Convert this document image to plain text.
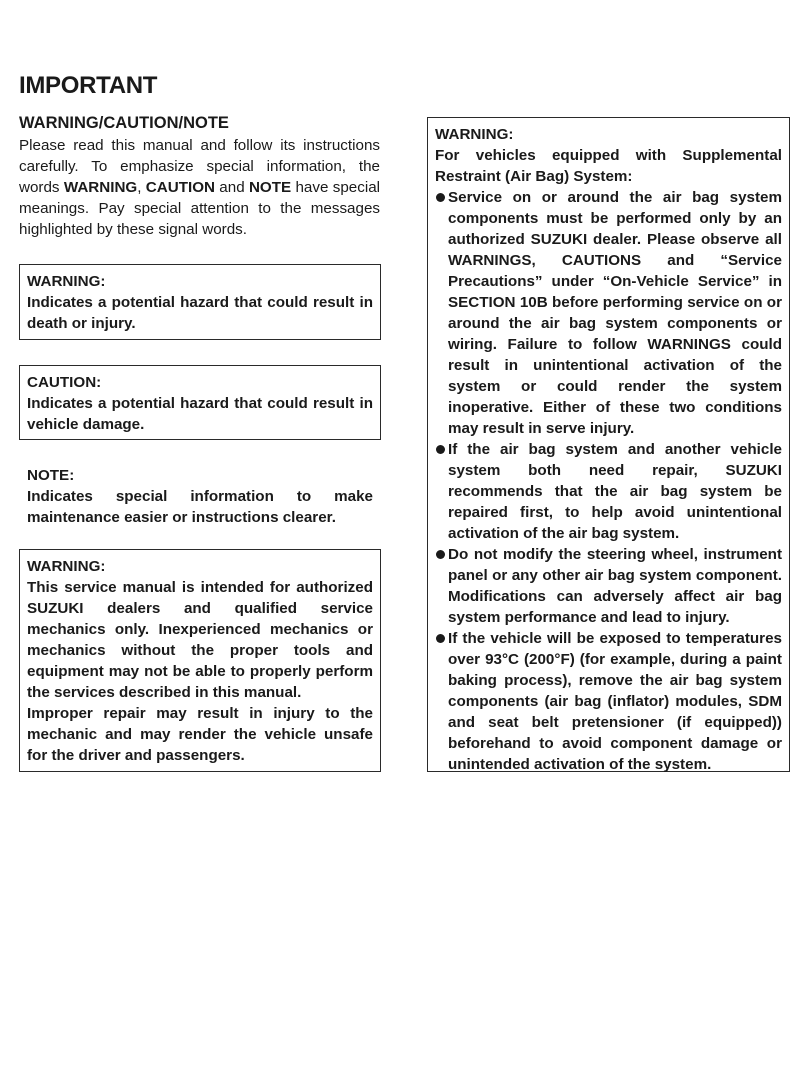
IMPORTANT
WARNING/CAUTION/NOTE

Please read this manual and follow its instructions carefully. To emphasize special information, the words WARNING, CAUTION and NOTE have special meanings. Pay special attention to the messages highlighted by these signal words.

WARNING:
Indicates a potential hazard that could result in death or injury.
CAUTION:
Indicates a potential hazard that could result in vehicle damage.
NOTE:
Indicates special information to make maintenance easier or instructions clearer.
WARNING:
This service manual is intended for authorized SUZUKI dealers and qualified service mechanics only. Inexperienced mechanics or mechanics without the proper tools and equipment may not be able to properly perform the services described in this manual.
Improper repair may result in injury to the mechanic and may render the vehicle unsafe for the driver and passengers.
WARNING:
For vehicles equipped with Supplemental Restraint (Air Bag) System:
Service on or around the air bag system components must be performed only by an authorized SUZUKI dealer. Please observe all WARNINGS, CAUTIONS and “Service Precautions” under “On-Vehicle Service” in SECTION 10B before performing service on or around the air bag system components or wiring. Failure to follow WARNINGS could result in unintentional activation of the system or could render the system inoperative. Either of these two conditions may result in serve injury.
If the air bag system and another vehicle system both need repair, SUZUKI recommends that the air bag system be repaired first, to help avoid unintentional activation of the air bag system.
Do not modify the steering wheel, instrument panel or any other air bag system component. Modifications can adversely affect air bag system performance and lead to injury.
If the vehicle will be exposed to temperatures over 93°C (200°F) (for example, during a paint baking process), remove the air bag system components (air bag (inflator) modules, SDM and seat belt pretensioner (if equipped)) beforehand to avoid component damage or unintended activation of the system.
